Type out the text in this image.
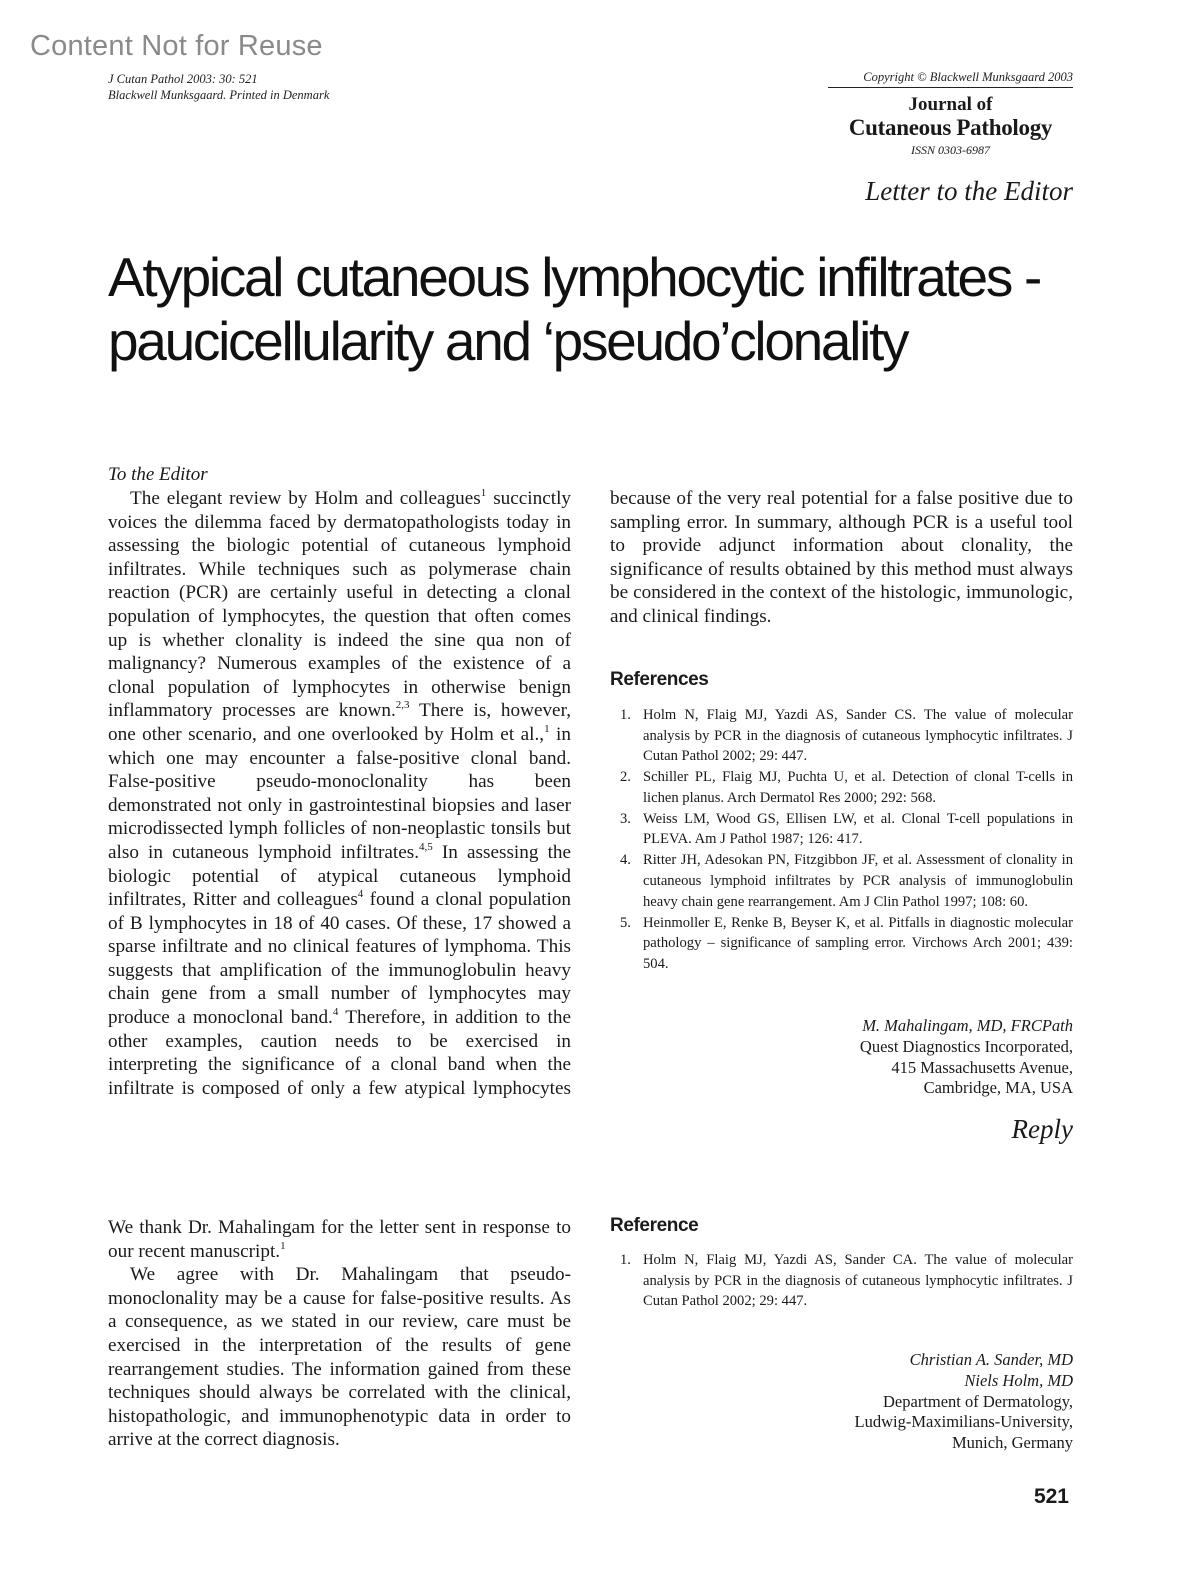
Content Not for Reuse
J Cutan Pathol 2003: 30: 521
Blackwell Munksgaard. Printed in Denmark
Copyright © Blackwell Munksgaard 2003
Journal of
Cutaneous Pathology
ISSN 0303-6987
Letter to the Editor
Atypical cutaneous lymphocytic infiltrates -
paucicellularity and ‘pseudo’clonality
To the Editor

The elegant review by Holm and colleagues$^1$ succinctly voices the dilemma faced by dermatopathologists today in assessing the biologic potential of cutaneous lymphoid infiltrates. While techniques such as polymerase chain reaction (PCR) are certainly useful in detecting a clonal population of lymphocytes, the question that often comes up is whether clonality is indeed the sine qua non of malignancy? Numerous examples of the existence of a clonal population of lymphocytes in otherwise benign inflammatory processes are known.$^{2,3}$ There is, however, one other scenario, and one overlooked by Holm et al.,$^1$ in which one may encounter a false-positive clonal band. False-positive pseudo-monoclonality has been demonstrated not only in gastrointestinal biopsies and laser microdissected lymph follicles of non-neoplastic tonsils but also in cutaneous lymphoid infiltrates.$^{4,5}$ In assessing the biologic potential of atypical cutaneous lymphoid infiltrates, Ritter and colleagues$^4$ found a clonal population of B lymphocytes in 18 of 40 cases. Of these, 17 showed a sparse infiltrate and no clinical features of lymphoma. This suggests that amplification of the immunoglobulin heavy chain gene from a small number of lymphocytes may produce a monoclonal band.$^4$ Therefore, in addition to the other examples, caution needs to be exercised in interpreting the significance of a clonal band when the infiltrate is composed of only a few atypical lymphocytes because of the very real potential for a false positive due to sampling error. In summary, although PCR is a useful tool to provide adjunct information about clonality, the significance of results obtained by this method must always be considered in the context of the histologic, immunologic, and clinical findings.

References
1. Holm N, Flaig MJ, Yazdi AS, Sander CS. The value of molecular analysis by PCR in the diagnosis of cutaneous lymphocytic infiltrates. J Cutan Pathol 2002; 29: 447.
2. Schiller PL, Flaig MJ, Puchta U, et al. Detection of clonal T-cells in lichen planus. Arch Dermatol Res 2000; 292: 568.
3. Weiss LM, Wood GS, Ellisen LW, et al. Clonal T-cell populations in PLEVA. Am J Pathol 1987; 126: 417.
4. Ritter JH, Adesokan PN, Fitzgibbon JF, et al. Assessment of clonality in cutaneous lymphoid infiltrates by PCR analysis of immunoglobulin heavy chain gene rearrangement. Am J Clin Pathol 1997; 108: 60.
5. Heinmoller E, Renke B, Beyser K, et al. Pitfalls in diagnostic molecular pathology – significance of sampling error. Virchows Arch 2001; 439: 504.
M. Mahalingam, MD, FRCPath
Quest Diagnostics Incorporated,
415 Massachusetts Avenue,
Cambridge, MA, USA
Reply

We thank Dr. Mahalingam for the letter sent in response to our recent manuscript.$^1$

We agree with Dr. Mahalingam that pseudo-monoclonality may be a cause for false-positive results. As a consequence, as we stated in our review, care must be exercised in the interpretation of the results of gene rearrangement studies. The information gained from these techniques should always be correlated with the clinical, histopathologic, and immunophenotypic data in order to arrive at the correct diagnosis.

Reference
1. Holm N, Flaig MJ, Yazdi AS, Sander CA. The value of molecular analysis by PCR in the diagnosis of cutaneous lymphocytic infiltrates. J Cutan Pathol 2002; 29: 447.
Christian A. Sander, MD
Niels Holm, MD
Department of Dermatology,
Ludwig-Maximilians-University,
Munich, Germany
521
